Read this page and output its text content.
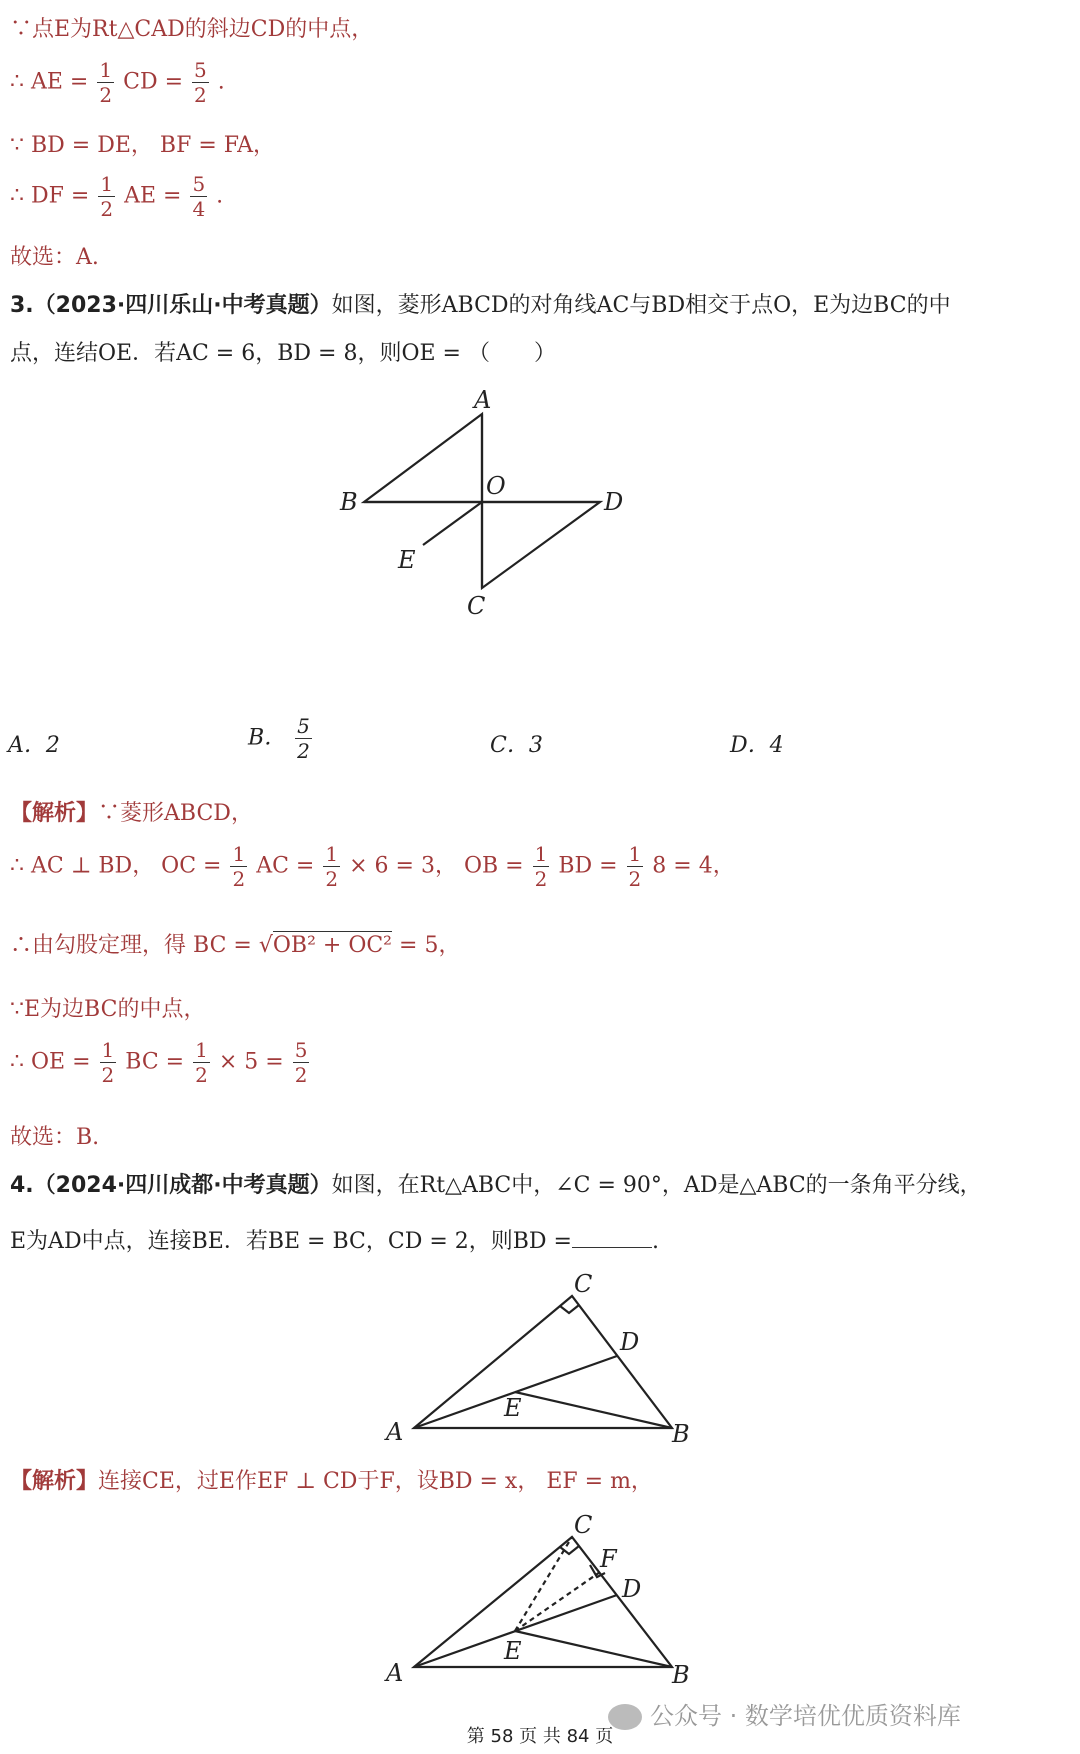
∵点E为Rt△CAD的斜边CD的中点，
∴ AE = $\frac{1}{2}$ CD = $\frac{5}{2}$ .
∵ BD = DE， BF = FA，
∴ DF = $\frac{1}{2}$ AE = $\frac{5}{4}$ .
故选：A.
3.（2023·四川乐山·中考真题）如图，菱形ABCD的对角线AC与BD相交于点O，E为边BC的中
点，连结OE．若AC = 6，BD = 8，则OE = （　　）
A
B	D
C
O
E
A．2	B． $\frac{5}{2}$	C．3	D．4
【解析】∵菱形ABCD，
∴ AC ⊥ BD， OC = $\frac{1}{2}$ AC = $\frac{1}{2} \times 6 = 3$， OB = $\frac{1}{2}$ BD = $\frac{1}{2} 8 = 4$，
∴由勾股定理，得 BC = √OB² + OC² = 5，
∵E为边BC的中点，
∴ OE = $\frac{1}{2}$ BC = $\frac{1}{2} \times 5 = \frac{5}{2}$
故选：B.
4.（2024·四川成都·中考真题）如图，在Rt△ABC中，∠C = 90°，AD是△ABC的一条角平分线，
E为AD中点，连接BE．若BE = BC，CD = 2，则BD =	.
C
D
A	B
E
【解析】连接CE，过E作EF ⊥ CD于F，设BD = x， EF = m，
C
F
D
A	B
E
公众号 · 数学培优优质资料库
第 58 页 共 84 页
